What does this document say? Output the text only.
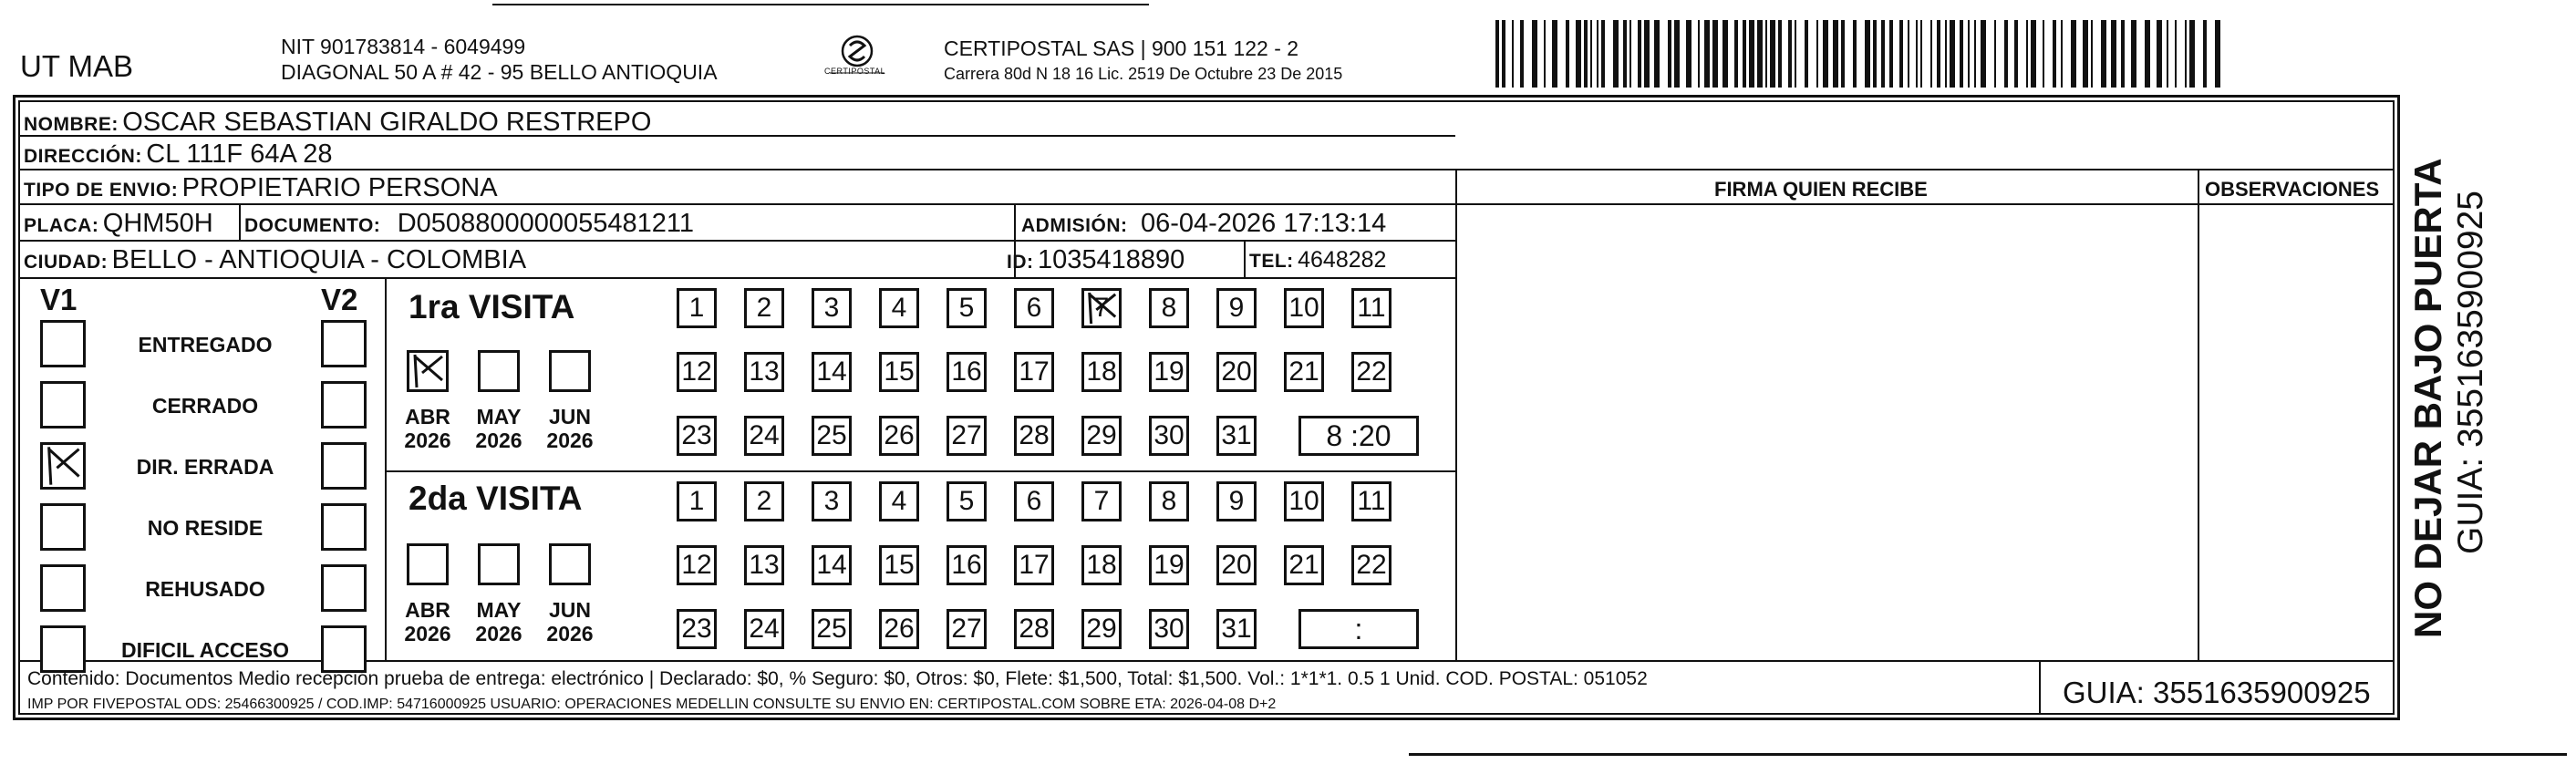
UT MAB
NIT 901783814 - 6049499
DIAGONAL 50 A # 42 - 95 BELLO ANTIOQUIA	CERTIPOSTAL
CERTIPOSTAL SAS | 900 151 122 - 2
Carrera 80d N 18 16 Lic. 2519 De Octubre 23 De 2015
NOMBRE: OSCAR SEBASTIAN GIRALDO RESTREPO
DIRECCIÓN: CL 111F 64A 28
TIPO DE ENVIO: PROPIETARIO PERSONA	FIRMA QUIEN RECIBE	OBSERVACIONES
PLACA: QHM50H DOCUMENTO: D0508800000055481211	ADMISIÓN: 06-04-2026 17:13:14
CIUDAD: BELLO - ANTIOQUIA - COLOMBIA	ID: 1035418890	TEL: 4648282
V1	V2
ENTREGADO
CERRADO
DIR. ERRADA
NO RESIDE
REHUSADO
DIFICIL ACCESO
1ra VISITA
2da VISITA
ABR
2026
MAY
2026
JUN
2026
1 2 3 4 5 6 7 8 9 10 11
12 13 14 15 16 17 18 19 20 21 22
23 24 25 26 27 28 29 30 31	8 :20
ABR
2026
MAY
2026
JUN
2026
1 2 3 4 5 6 7 8 9 10 11
12 13 14 15 16 17 18 19 20 21 22
23 24 25 26 27 28 29 30 31	:
Contenido: Documentos Medio recepción prueba de entrega: electrónico | Declarado: $0, % Seguro: $0, Otros: $0, Flete: $1,500, Total: $1,500. Vol.: 1*1*1. 0.5 1 Unid. COD. POSTAL: 051052
IMP POR FIVEPOSTAL ODS: 25466300925 / COD.IMP: 54716000925 USUARIO: OPERACIONES MEDELLIN CONSULTE SU ENVIO EN: CERTIPOSTAL.COM SOBRE ETA: 2026-04-08 D+2	GUIA: 3551635900925
NO DEJAR BAJO PUERTA GUIA: 3551635900925
